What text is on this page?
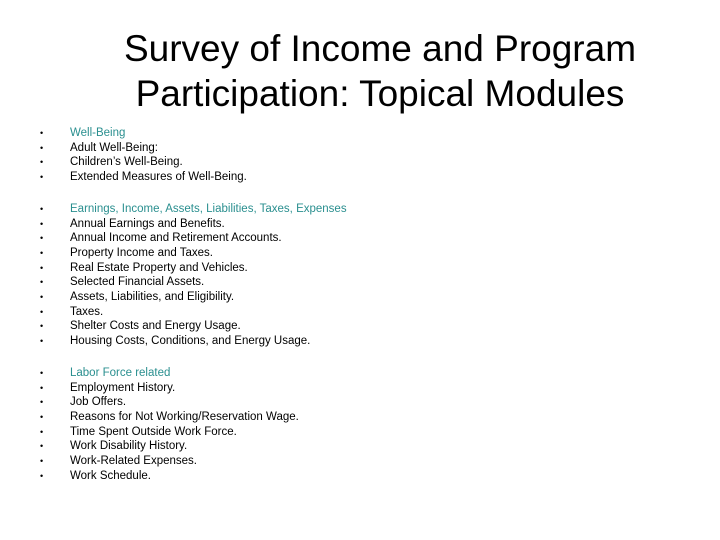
Survey of Income and Program
Participation: Topical Modules
• Well-Being
• Adult Well-Being:
• Children’s Well-Being.
• Extended Measures of Well-Being.
• Earnings, Income, Assets, Liabilities, Taxes, Expenses
• Annual Earnings and Benefits.
• Annual Income and Retirement Accounts.
• Property Income and Taxes.
• Real Estate Property and Vehicles.
• Selected Financial Assets.
• Assets, Liabilities, and Eligibility.
• Taxes.
• Shelter Costs and Energy Usage.
• Housing Costs, Conditions, and Energy Usage.
• Labor Force related
• Employment History.
• Job Offers.
• Reasons for Not Working/Reservation Wage.
• Time Spent Outside Work Force.
• Work Disability History.
• Work-Related Expenses.
• Work Schedule.
